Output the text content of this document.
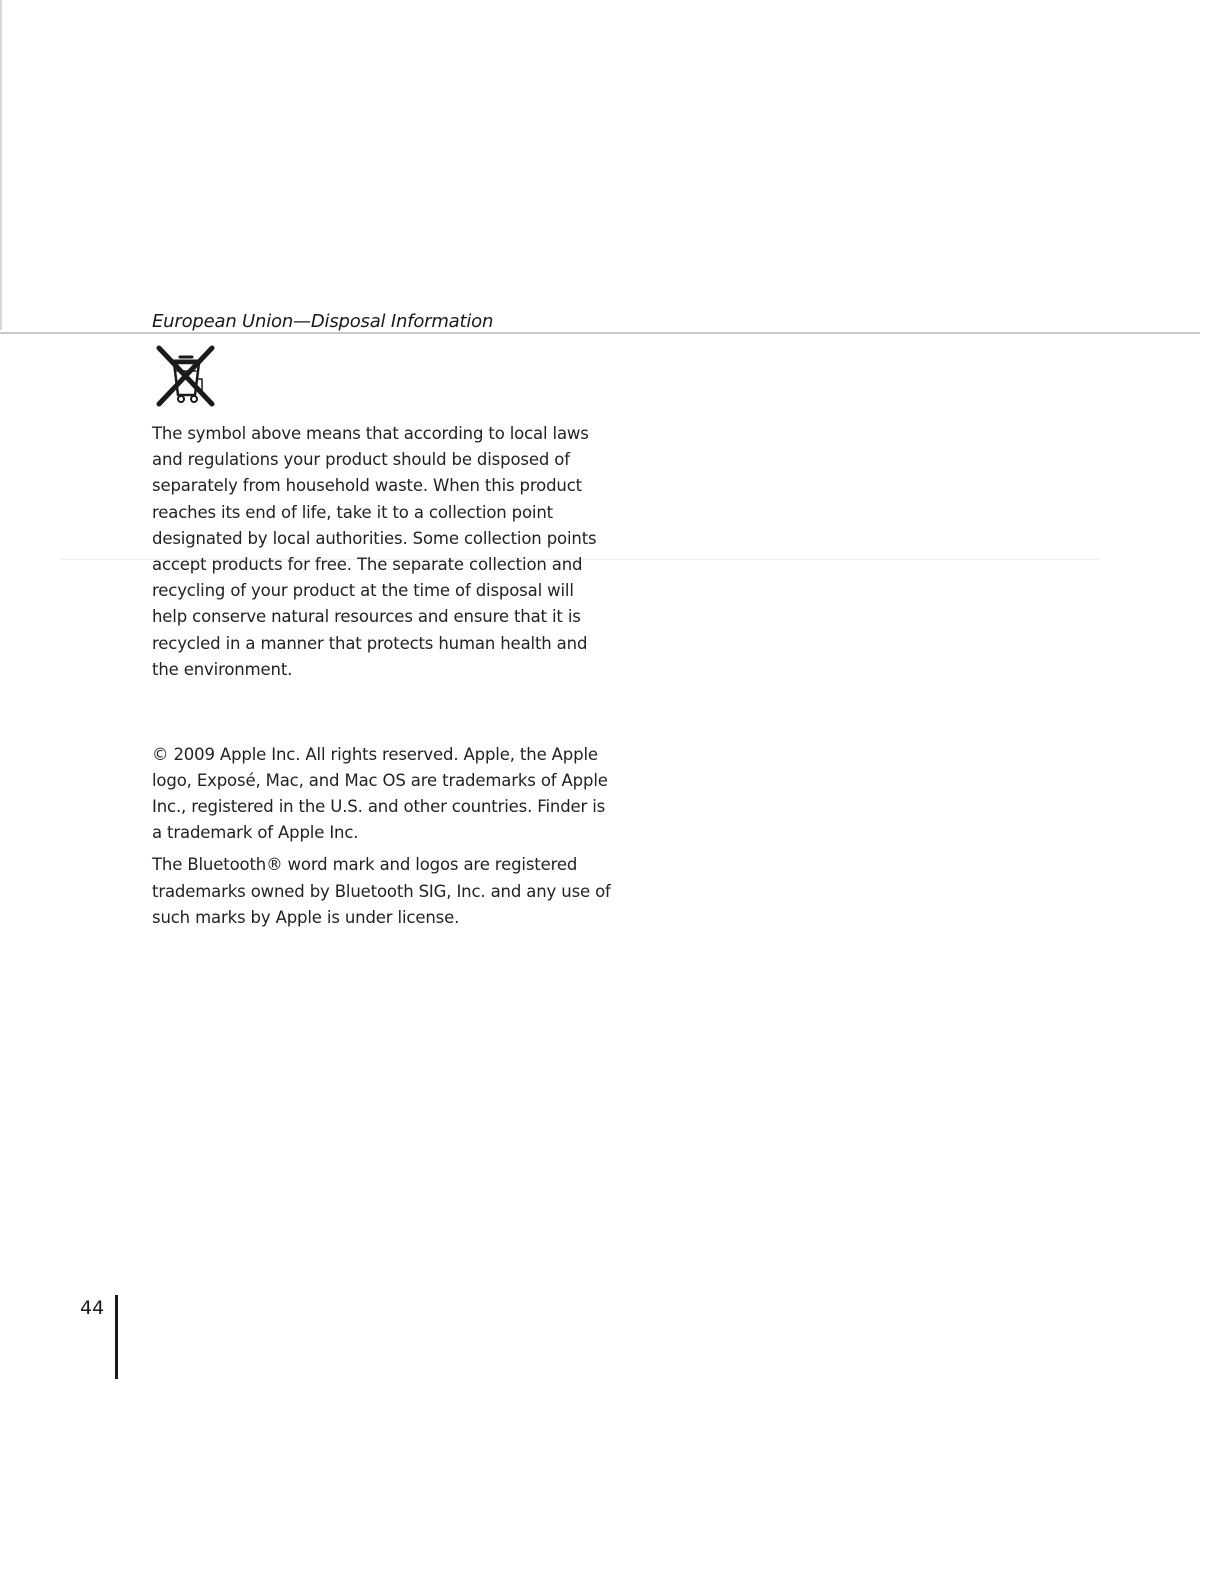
European Union—Disposal Information

The symbol above means that according to local laws
and regulations your product should be disposed of
separately from household waste. When this product
reaches its end of life, take it to a collection point
designated by local authorities. Some collection points
accept products for free. The separate collection and
recycling of your product at the time of disposal will
help conserve natural resources and ensure that it is
recycled in a manner that protects human health and
the environment.

© 2009 Apple Inc. All rights reserved. Apple, the Apple
logo, Exposé, Mac, and Mac OS are trademarks of Apple
Inc., registered in the U.S. and other countries. Finder is
a trademark of Apple Inc.

The Bluetooth® word mark and logos are registered
trademarks owned by Bluetooth SIG, Inc. and any use of
such marks by Apple is under license.

44
